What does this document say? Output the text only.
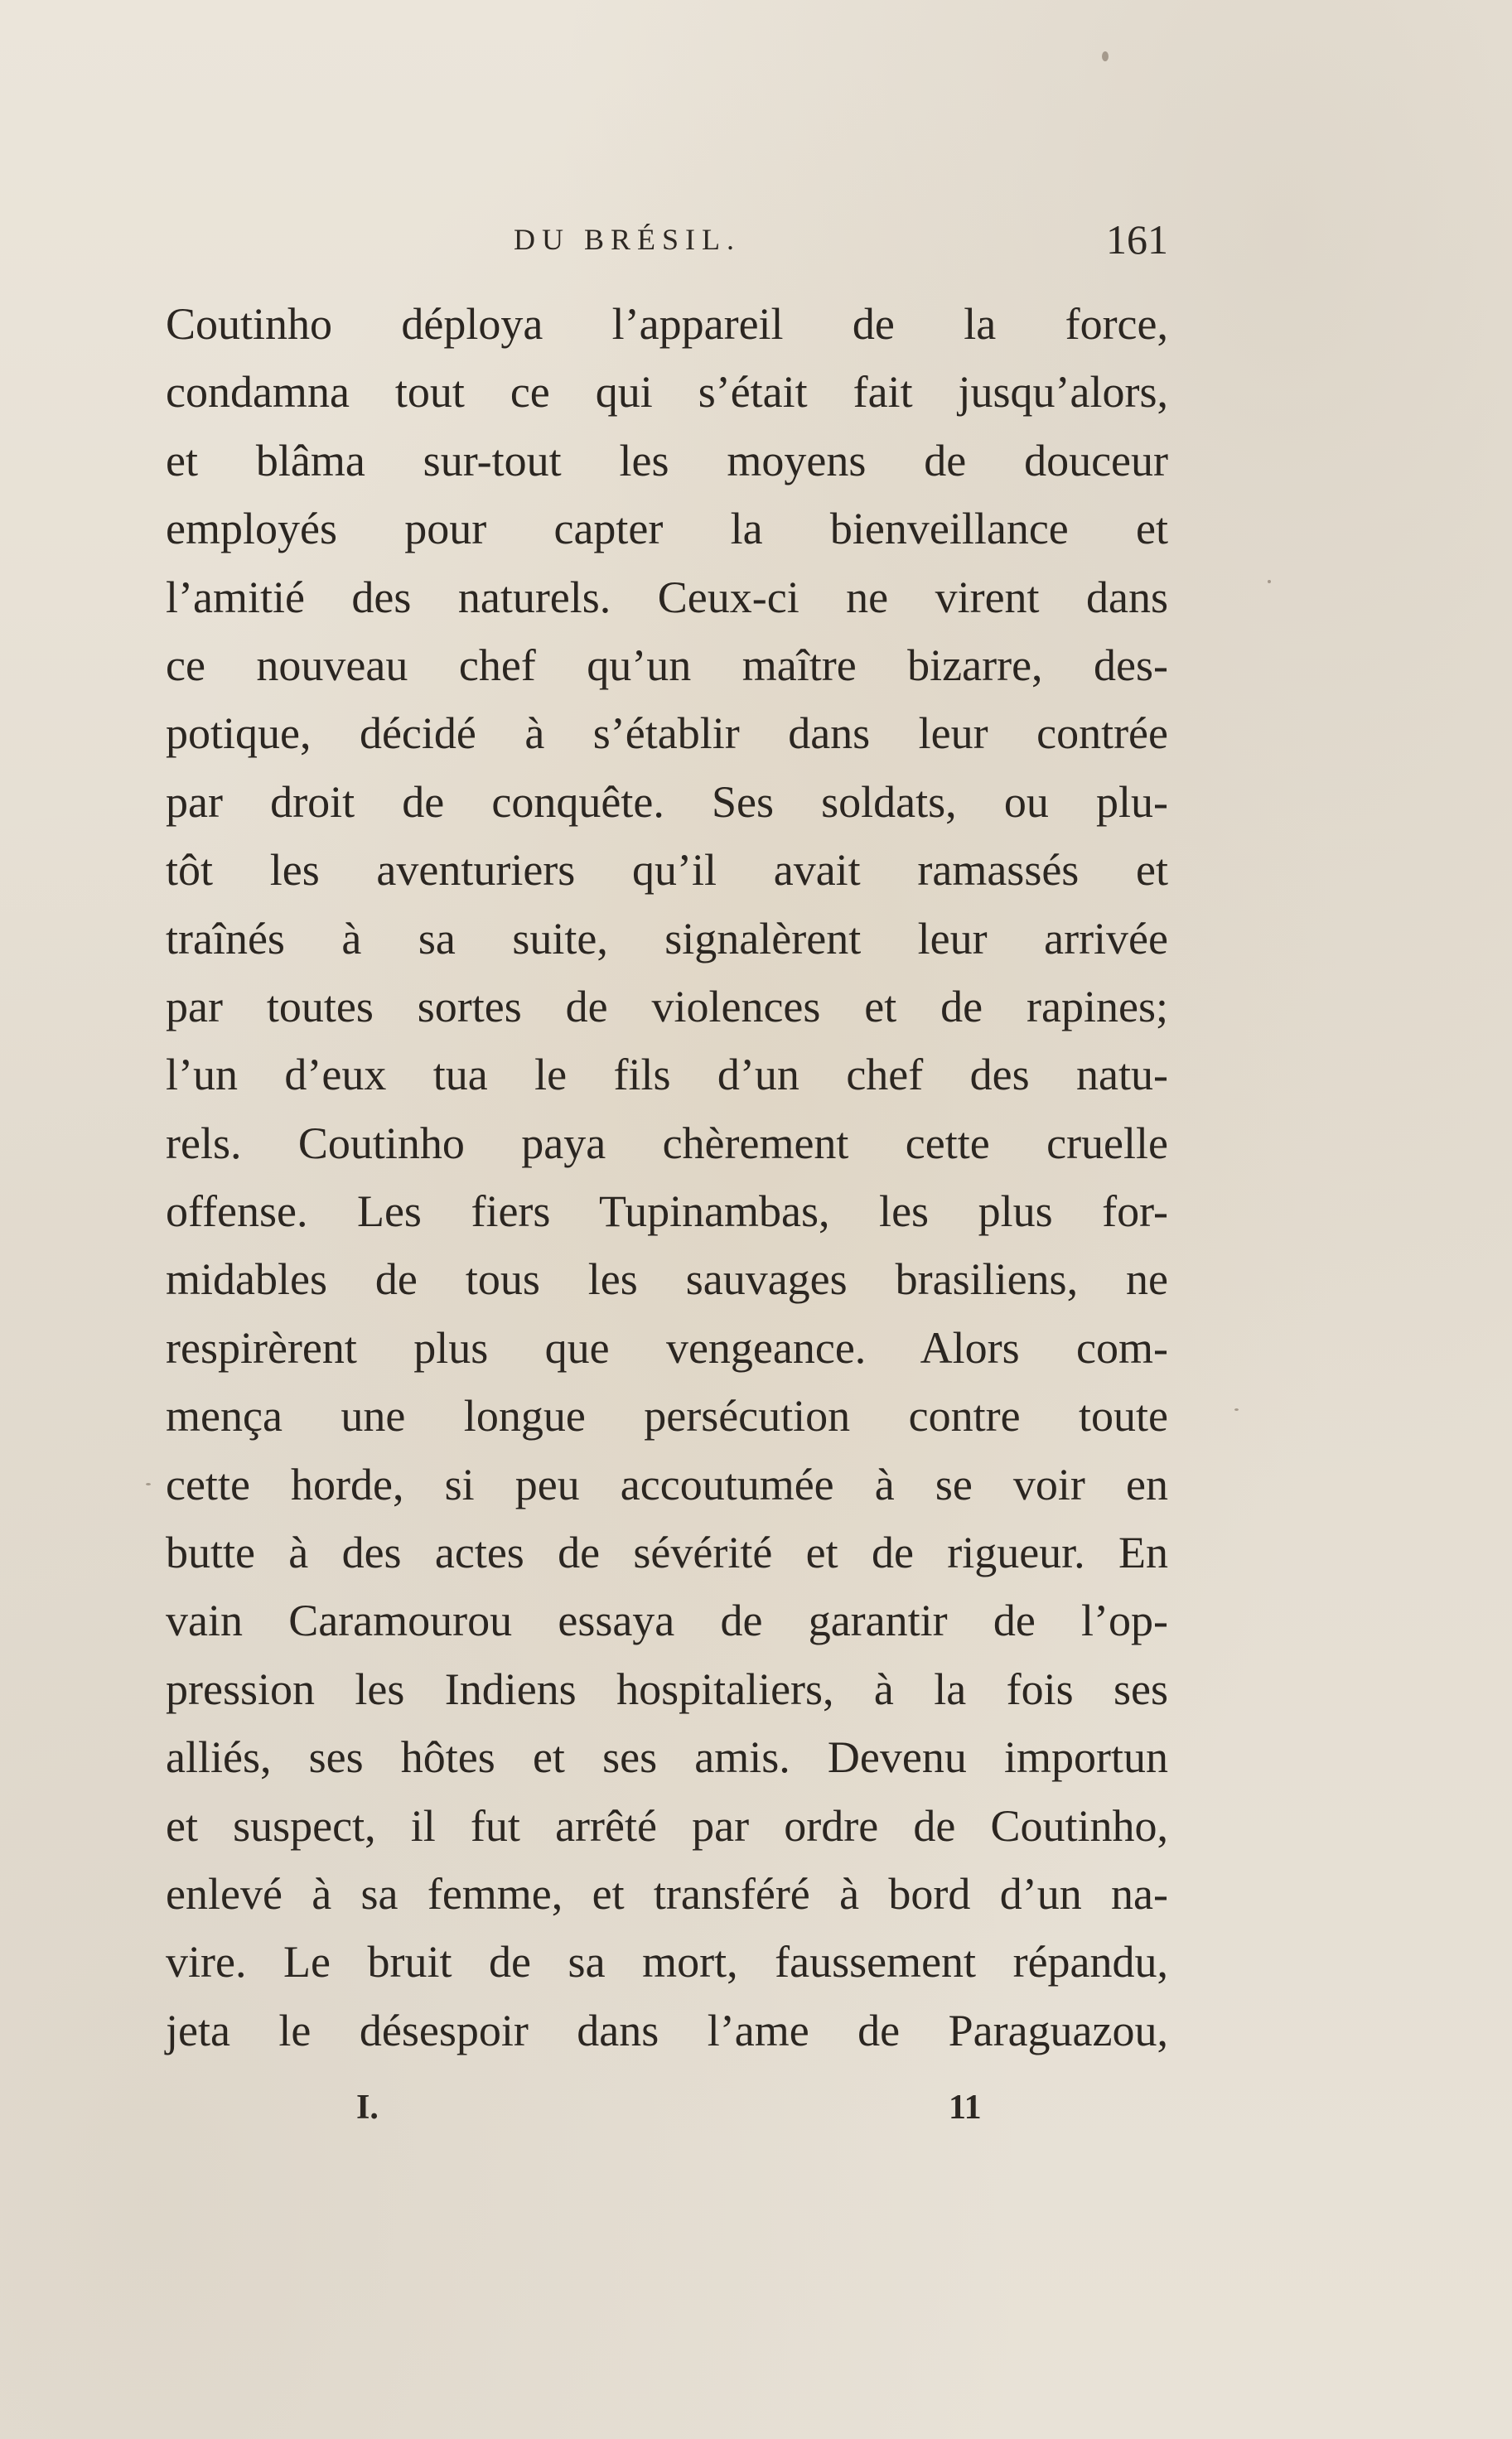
DU BRÉSIL.	161
Coutinho déploya l’appareil de la force,
condamna tout ce qui s’était fait jusqu’alors,
et blâma sur-tout les moyens de douceur
employés pour capter la bienveillance et
l’amitié des naturels. Ceux-ci ne virent dans
ce nouveau chef qu’un maître bizarre, des-
potique, décidé à s’établir dans leur contrée
par droit de conquête. Ses soldats, ou plu-
tôt les aventuriers qu’il avait ramassés et
traînés à sa suite, signalèrent leur arrivée
par toutes sortes de violences et de rapines;
l’un d’eux tua le fils d’un chef des natu-
rels. Coutinho paya chèrement cette cruelle
offense. Les fiers Tupinambas, les plus for-
midables de tous les sauvages brasiliens, ne
respirèrent plus que vengeance. Alors com-
mença une longue persécution contre toute
cette horde, si peu accoutumée à se voir en
butte à des actes de sévérité et de rigueur. En
vain Caramourou essaya de garantir de l’op-
pression les Indiens hospitaliers, à la fois ses
alliés, ses hôtes et ses amis. Devenu importun
et suspect, il fut arrêté par ordre de Coutinho,
enlevé à sa femme, et transféré à bord d’un na-
vire. Le bruit de sa mort, faussement répandu,
jeta le désespoir dans l’ame de Paraguazou,
I.	11
